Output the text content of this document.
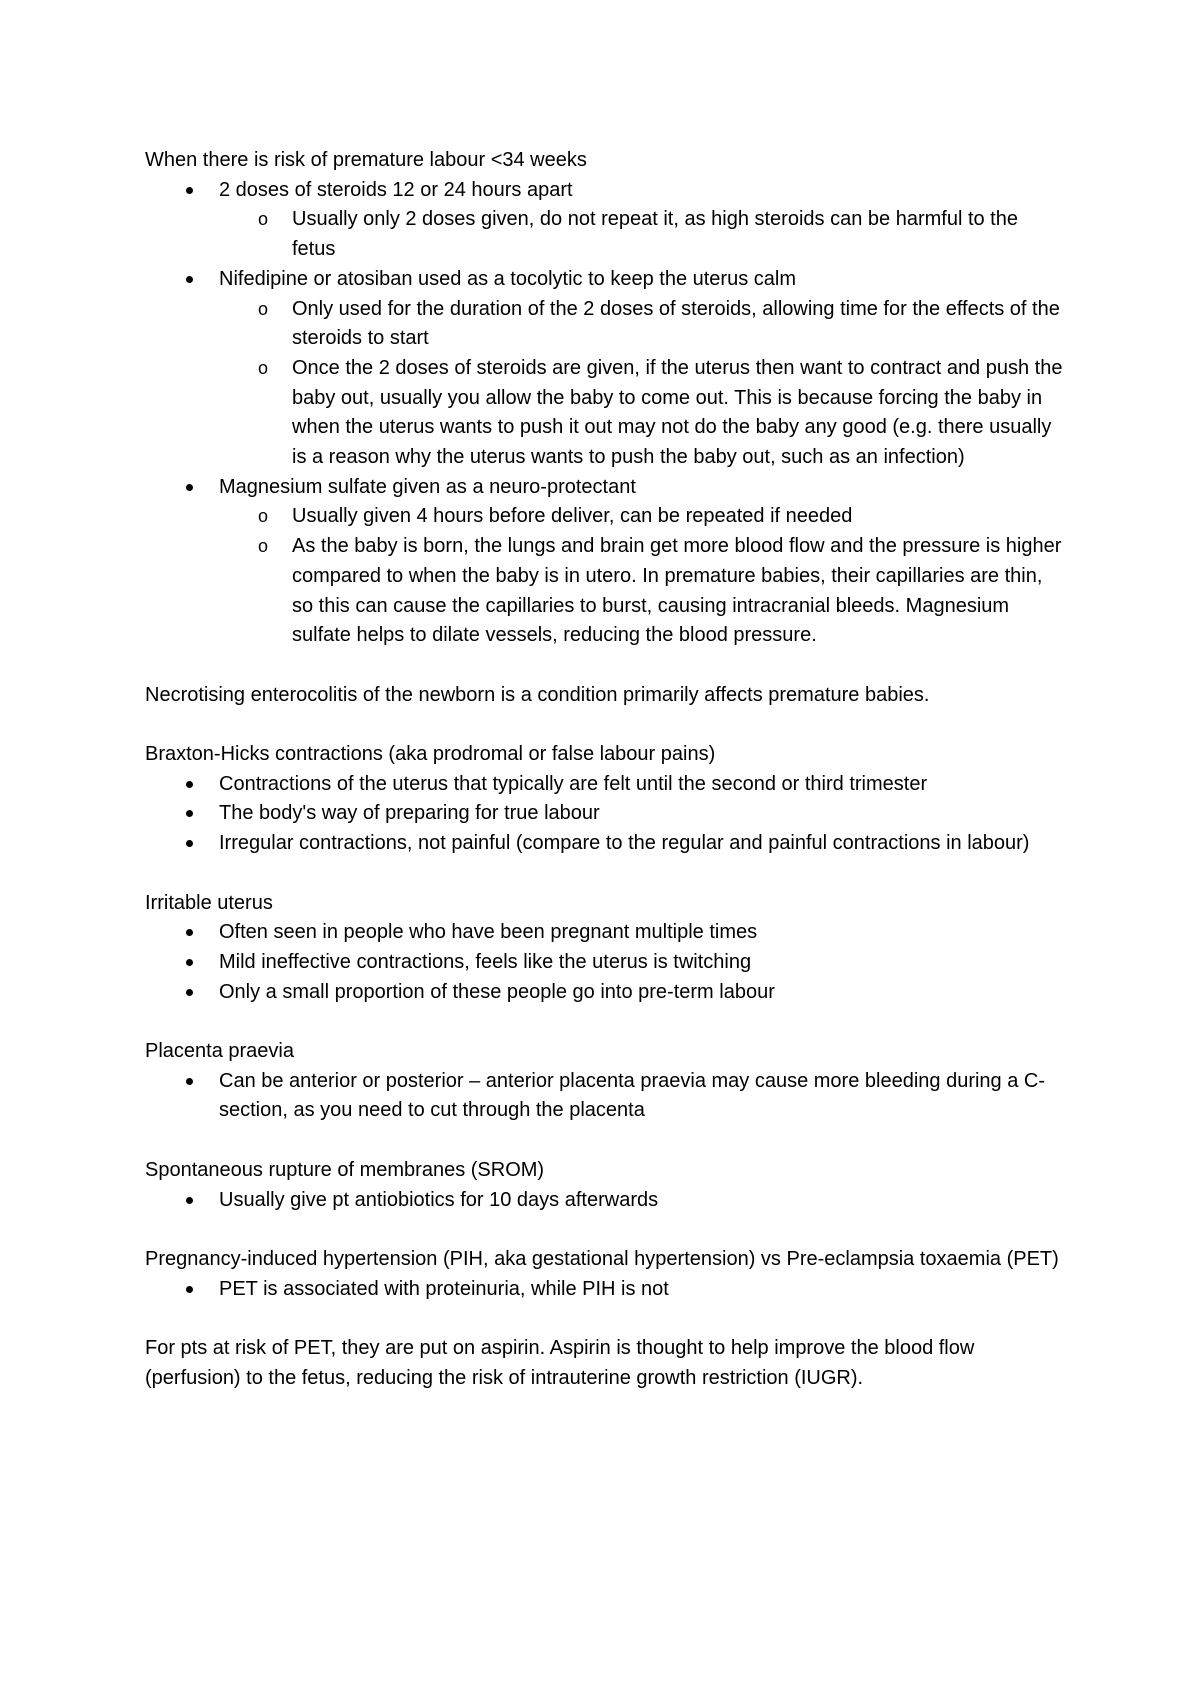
When there is risk of premature labour <34 weeks

2 doses of steroids 12 or 24 hours apart
o Usually only 2 doses given, do not repeat it, as high steroids can be harmful to the fetus
Nifedipine or atosiban used as a tocolytic to keep the uterus calm
o Only used for the duration of the 2 doses of steroids, allowing time for the effects of the steroids to start
o Once the 2 doses of steroids are given, if the uterus then want to contract and push the baby out, usually you allow the baby to come out. This is because forcing the baby in when the uterus wants to push it out may not do the baby any good (e.g. there usually is a reason why the uterus wants to push the baby out, such as an infection)
Magnesium sulfate given as a neuro-protectant
o Usually given 4 hours before deliver, can be repeated if needed
o As the baby is born, the lungs and brain get more blood flow and the pressure is higher compared to when the baby is in utero. In premature babies, their capillaries are thin, so this can cause the capillaries to burst, causing intracranial bleeds. Magnesium sulfate helps to dilate vessels, reducing the blood pressure.

Necrotising enterocolitis of the newborn is a condition primarily affects premature babies.

Braxton-Hicks contractions (aka prodromal or false labour pains)

Contractions of the uterus that typically are felt until the second or third trimester
The body's way of preparing for true labour
Irregular contractions, not painful (compare to the regular and painful contractions in labour)

Irritable uterus

Often seen in people who have been pregnant multiple times
Mild ineffective contractions, feels like the uterus is twitching
Only a small proportion of these people go into pre-term labour

Placenta praevia

Can be anterior or posterior – anterior placenta praevia may cause more bleeding during a C-section, as you need to cut through the placenta

Spontaneous rupture of membranes (SROM)

Usually give pt antiobiotics for 10 days afterwards

Pregnancy-induced hypertension (PIH, aka gestational hypertension) vs Pre-eclampsia toxaemia (PET)

PET is associated with proteinuria, while PIH is not

For pts at risk of PET, they are put on aspirin. Aspirin is thought to help improve the blood flow (perfusion) to the fetus, reducing the risk of intrauterine growth restriction (IUGR).
